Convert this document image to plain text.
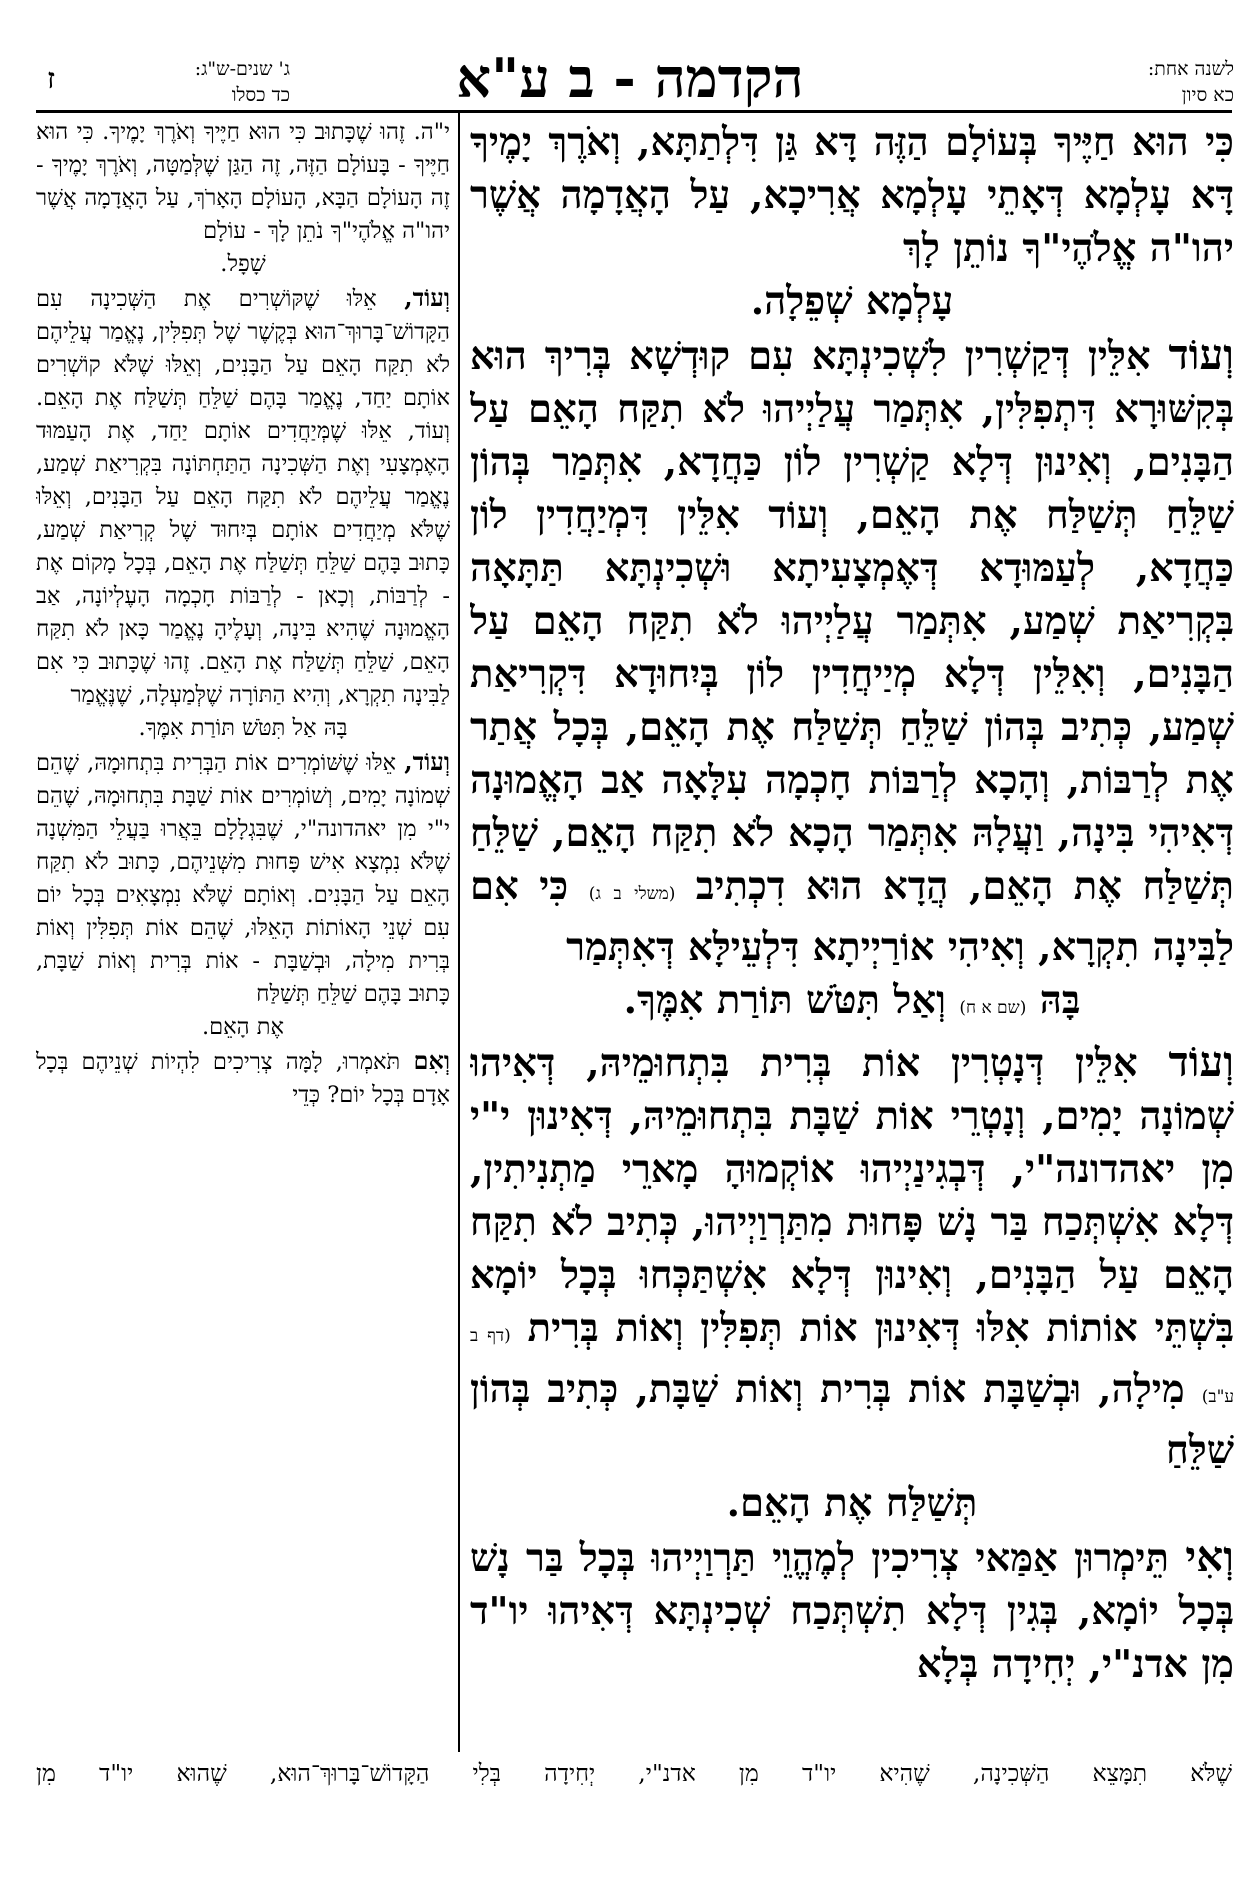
לשנה אחת:
כא סיון
הקדמה - ב ע"א
ג' שנים-ש"ג:
כד כסלו
ז

כִּי הוּא חַיֶּיךָ בְּעוֹלָם הַזֶּה דָּא גַּן דִּלְתַתָּא, וְאֹרֶךְ יָמֶיךָ דָּא עָלְמָא דְּאָתֵי עָלְמָא אֲרִיכָא, עַל הָאֲדָמָה אֲשֶׁר יהו"ה אֱלֹהֶי"ךָ נוֹתֵן לָךְ

עָלְמָא שְׁפֵלָה.

וְעוֹד אִלֵּין דְּקַשְׁרִין לִשְׁכִינְתָּא עִם קוּדְשָׁא בְּרִיךְ הוּא בְּקִשּׁוּרָא דִּתְפִלִּין, אִתְּמַר עֲלַיְיהוּ לֹא תִקַּח הָאֵם עַל הַבָּנִים, וְאִינוּן דְּלָא קַשְׁרִין לוֹן כַּחֲדָא, אִתְּמַר בְּהוֹן שַׁלֵּחַ תְּשַׁלַּח אֶת הָאֵם, וְעוֹד אִלֵּין דִּמְיַחֲדִין לוֹן כַּחֲדָא, לְעַמּוּדָא דְּאֶמְצָעִיתָא וּשְׁכִינְתָּא תַּתָּאָה בִּקְרִיאַת שְׁמַע, אִתְּמַר עֲלַיְיהוּ לֹא תִקַּח הָאֵם עַל הַבָּנִים, וְאִלֵּין דְּלָא מְיַיחֲדִין לוֹן בְּיִחוּדָא דִּקְרִיאַת שְׁמַע, כְּתִיב בְּהוֹן שַׁלֵּחַ תְּשַׁלַּח אֶת הָאֵם, בְּכָל אֲתַר אֶת לְרַבּוֹת, וְהָכָא לְרַבּוֹת חָכְמָה עִלָּאָה אַב הָאֱמוּנָה דְּאִיהִי בִּינָה, וַעֲלָהּ אִתְּמַר הָכָא לֹא תִקַּח הָאֵם, שַׁלֵּחַ תְּשַׁלַּח אֶת הָאֵם, הֲדָא הוּא דִכְתִיב (משלי ב ג) כִּי אִם לַבִּינָה תִקְרָא, וְאִיהִי אוֹרַיְיתָא דִּלְעֵילָּא דְּאִתְּמַר

בָּהּ (שם א ח) וְאַל תִּטֹּשׁ תּוֹרַת אִמֶּךָ.

וְעוֹד אִלֵּין דְּנָטְרִין אוֹת בְּרִית בִּתְחוּמֵיהּ, דְּאִיהוּ שְׁמוֹנָה יָמִים, וְנָטְרֵי אוֹת שַׁבָּת בִּתְחוּמֵיהּ, דְּאִינוּן י"י מִן יאהדונה"י, דְּבְגִינַיְיהוּ אוֹקְמוּהָ מָארֵי מַתְנִיתִין, דְּלָא אִשְׁתְּכַח בַּר נָשׁ פָּחוּת מִתַּרְוַיְיהוּ, כְּתִיב לֹא תִקַּח הָאֵם עַל הַבָּנִים, וְאִינוּן דְּלָא אִשְׁתַּכְּחוּ בְּכָל יוֹמָא בִּשְׁתֵּי אוֹתוֹת אִלּוּ דְּאִינוּן אוֹת תְּפִלִּין וְאוֹת בְּרִית (דף ב ע"ב) מִילָה, וּבְשַׁבָּת אוֹת בְּרִית וְאוֹת שַׁבָּת, כְּתִיב בְּהוֹן שַׁלֵּחַ

תְּשַׁלַּח אֶת הָאֵם.

וְאִי תֵּימְרוּן אַמַּאי צְרִיכִין לְמֶהֱוֵי תַּרְוַיְיהוּ בְּכָל בַּר נָשׁ בְּכָל יוֹמָא, בְּגִין דְּלָא תִשְׁתְּכַח שְׁכִינְתָּא דְּאִיהוּ יו"ד מִן אדנ"י, יְחִידָה בְּלָא

י"ה. זֶהוּ שֶׁכָּתוּב כִּי הוּא חַיֶּיךָ וְאֹרֶךְ יָמֶיךָ. כִּי הוּא חַיֶּיךָ - בָּעוֹלָם הַזֶּה, זֶה הַגַּן שֶׁלְּמַטָּה, וְאֹרֶךְ יָמֶיךָ - זֶה הָעוֹלָם הַבָּא, הָעוֹלָם הָאָרֹךְ, עַל הָאֲדָמָה אֲשֶׁר יהו"ה אֱלֹהֶי"ךָ נֹתֵן לָךְ - עוֹלָם

שָׁפָל.

וְעוֹד, אֵלּוּ שֶׁקּוֹשְׁרִים אֶת הַשְּׁכִינָה עִם הַקָּדוֹשׁ־בָּרוּךְ־הוּא בְּקֶשֶׁר שֶׁל תְּפִלִּין, נֶאֱמַר עֲלֵיהֶם לֹא תִקַּח הָאֵם עַל הַבָּנִים, וְאֵלּוּ שֶׁלֹּא קוֹשְׁרִים אוֹתָם יַחַד, נֶאֱמַר בָּהֶם שַׁלֵּחַ תְּשַׁלַּח אֶת הָאֵם. וְעוֹד, אֵלּוּ שֶׁמְּיַחֲדִים אוֹתָם יַחַד, אֶת הָעַמּוּד הָאֶמְצָעִי וְאֶת הַשְּׁכִינָה הַתַּחְתּוֹנָה בִּקְרִיאַת שְׁמַע, נֶאֱמַר עֲלֵיהֶם לֹא תִקַּח הָאֵם עַל הַבָּנִים, וְאֵלּוּ שֶׁלֹּא מְיַחֲדִים אוֹתָם בְּיִחוּד שֶׁל קְרִיאַת שְׁמַע, כָּתוּב בָּהֶם שַׁלֵּחַ תְּשַׁלַּח אֶת הָאֵם, בְּכָל מָקוֹם אֶת - לְרַבּוֹת, וְכָאן - לְרַבּוֹת חָכְמָה הָעֶלְיוֹנָה, אַב הָאֱמוּנָה שֶׁהִיא בִּינָה, וְעָלֶיהָ נֶאֱמַר כָּאן לֹא תִקַּח הָאֵם, שַׁלֵּחַ תְּשַׁלַּח אֶת הָאֵם. זֶהוּ שֶׁכָּתוּב כִּי אִם לַבִּינָה תִקְרָא, וְהִיא הַתּוֹרָה שֶׁלְּמַעְלָה, שֶׁנֶּאֱמַר

בָּהּ אַל תִּטֹּשׁ תּוֹרַת אִמֶּךָ.

וְעוֹד, אֵלּוּ שֶׁשּׁוֹמְרִים אוֹת הַבְּרִית בִּתְחוּמָהּ, שֶׁהֵם שְׁמוֹנָה יָמִים, וְשׁוֹמְרִים אוֹת שַׁבָּת בִּתְחוּמָהּ, שֶׁהֵם י"י מִן יאהדונה"י, שֶׁבִּגְלָלָם בֵּאֲרוּ בַּעֲלֵי הַמִּשְׁנָה שֶׁלֹּא נִמְצָא אִישׁ פָּחוּת מִשְּׁנֵיהֶם, כָּתוּב לֹא תִקַּח הָאֵם עַל הַבָּנִים. וְאוֹתָם שֶׁלֹּא נִמְצָאִים בְּכָל יוֹם עִם שְׁנֵי הָאוֹתוֹת הָאֵלּוּ, שֶׁהֵם אוֹת תְּפִלִּין וְאוֹת בְּרִית מִילָה, וּבְשַׁבָּת - אוֹת בְּרִית וְאוֹת שַׁבָּת, כָּתוּב בָּהֶם שַׁלֵּחַ תְּשַׁלַּח

אֶת הָאֵם.

וְאִם תֹּאמְרוּ, לָמָּה צְרִיכִים לִהְיוֹת שְׁנֵיהֶם בְּכָל אָדָם בְּכָל יוֹם? כְּדֵי

שֶׁלֹּא תִמָּצֵא הַשְּׁכִינָה, שֶׁהִיא יו"ד מִן אדנ"י, יְחִידָה בְּלִי הַקָּדוֹשׁ־בָּרוּךְ־הוּא, שֶׁהוּא יו"ד מִן
